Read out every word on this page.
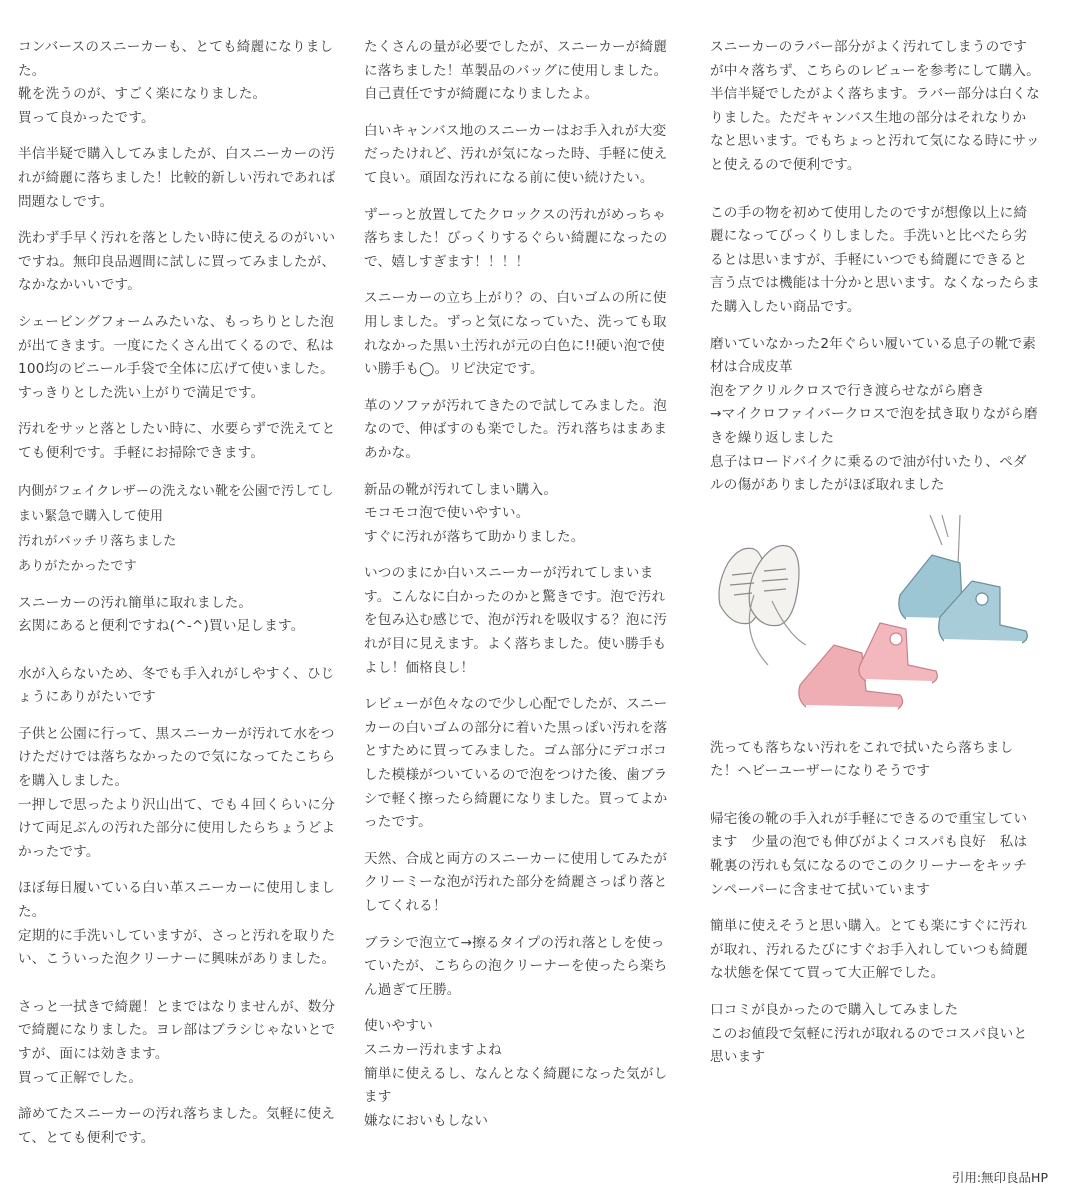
コンバースのスニーカーも、とても綺麗になりました。
靴を洗うのが、すごく楽になりました。
買って良かったです。

半信半疑で購入してみましたが、白スニーカーの汚れが綺麗に落ちました！比較的新しい汚れであれば問題なしです。

洗わず手早く汚れを落としたい時に使えるのがいいですね。無印良品週間に試しに買ってみましたが、なかなかいいです。

シェービングフォームみたいな、もっちりとした泡が出てきます。一度にたくさん出てくるので、私は100均のビニール手袋で全体に広げて使いました。すっきりとした洗い上がりで満足です。

汚れをサッと落としたい時に、水要らずで洗えてとても便利です。手軽にお掃除できます。

内側がフェイクレザーの洗えない靴を公園で汚してしまい緊急で購入して使用
汚れがバッチリ落ちました
ありがたかったです

スニーカーの汚れ簡単に取れました。
玄関にあると便利ですね(^-^)買い足します。

水が入らないため、冬でも手入れがしやすく、ひじょうにありがたいです

子供と公園に行って、黒スニーカーが汚れて水をつけただけでは落ちなかったので気になってたこちらを購入しました。
一押しで思ったより沢山出て、でも４回くらいに分けて両足ぶんの汚れた部分に使用したらちょうどよかったです。

ほぼ毎日履いている白い革スニーカーに使用しました。
定期的に手洗いしていますが、さっと汚れを取りたい、こういった泡クリーナーに興味がありました。

さっと一拭きで綺麗！とまではなりませんが、数分で綺麗になりました。ヨレ部はブラシじゃないとですが、面には効きます。
買って正解でした。

諦めてたスニーカーの汚れ落ちました。気軽に使えて、とても便利です。

たくさんの量が必要でしたが、スニーカーが綺麗に落ちました！革製品のバッグに使用しました。自己責任ですが綺麗になりましたよ。

白いキャンバス地のスニーカーはお手入れが大変だったけれど、汚れが気になった時、手軽に使えて良い。頑固な汚れになる前に使い続けたい。

ずーっと放置してたクロックスの汚れがめっちゃ落ちました！びっくりするぐらい綺麗になったので、嬉しすぎます！！！！

スニーカーの立ち上がり？の、白いゴムの所に使用しました。ずっと気になっていた、洗っても取れなかった黒い土汚れが元の白色に!!硬い泡で使い勝手も◯。リピ決定です。

革のソファが汚れてきたので試してみました。泡なので、伸ばすのも楽でした。汚れ落ちはまあまあかな。

新品の靴が汚れてしまい購入。
モコモコ泡で使いやすい。
すぐに汚れが落ちて助かりました。

いつのまにか白いスニーカーが汚れてしまいます。こんなに白かったのかと驚きです。泡で汚れを包み込む感じで、泡が汚れを吸収する？泡に汚れが目に見えます。よく落ちました。使い勝手もよし！価格良し！

レビューが色々なので少し心配でしたが、スニーカーの白いゴムの部分に着いた黒っぽい汚れを落とすために買ってみました。ゴム部分にデコボコした模様がついているので泡をつけた後、歯ブラシで軽く擦ったら綺麗になりました。買ってよかったです。

天然、合成と両方のスニーカーに使用してみたがクリーミーな泡が汚れた部分を綺麗さっぱり落としてくれる！

ブラシで泡立て→擦るタイプの汚れ落としを使っていたが、こちらの泡クリーナーを使ったら楽ちん過ぎて圧勝。

使いやすい
スニカー汚れますよね
簡単に使えるし、なんとなく綺麗になった気がします
嫌なにおいもしない

スニーカーのラバー部分がよく汚れてしまうのですが中々落ちず、こちらのレビューを参考にして購入。半信半疑でしたがよく落ちます。ラバー部分は白くなりました。ただキャンバス生地の部分はそれなりかなと思います。でもちょっと汚れて気になる時にサッと使えるので便利です。

この手の物を初めて使用したのですが想像以上に綺麗になってびっくりしました。手洗いと比べたら劣るとは思いますが、手軽にいつでも綺麗にできると言う点では機能は十分かと思います。なくなったらまた購入したい商品です。

磨いていなかった2年ぐらい履いている息子の靴で素材は合成皮革
泡をアクリルクロスで行き渡らせながら磨き
→マイクロファイバークロスで泡を拭き取りながら磨きを繰り返しました
息子はロードバイクに乗るので油が付いたり、ペダルの傷がありましたがほぼ取れました

洗っても落ちない汚れをこれで拭いたら落ちました！ヘビーユーザーになりそうです

帰宅後の靴の手入れが手軽にできるので重宝しています　少量の泡でも伸びがよくコスパも良好　私は靴裏の汚れも気になるのでこのクリーナーをキッチンペーパーに含ませて拭いています

簡単に使えそうと思い購入。とても楽にすぐに汚れが取れ、汚れるたびにすぐお手入れしていつも綺麗な状態を保てて買って大正解でした。

口コミが良かったので購入してみました
このお値段で気軽に汚れが取れるのでコスパ良いと思います

引用:無印良品HP
